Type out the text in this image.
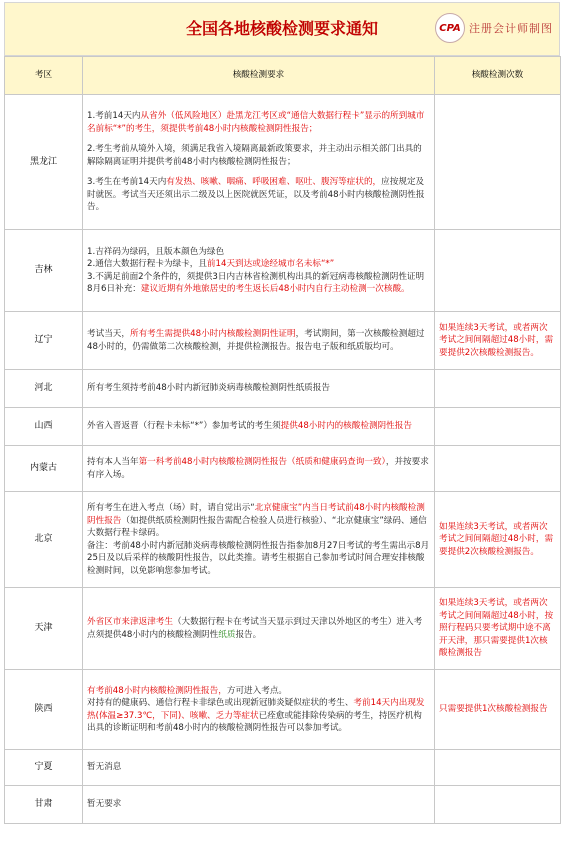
全国各地核酸检测要求通知	CPA 注册会计师制图
考区	核酸检测要求	核酸检测次数
黑龙江	1.考前14天内从省外（低风险地区）赴黑龙江考区或“通信大数据行程卡”显示的所到城市名前标“*”的考生，须提供考前48小时内核酸检测阴性报告；
2.考生考前从境外入境，须满足我省入境隔离最新政策要求，并主动出示相关部门出具的解除隔离证明并提供考前48小时内核酸检测阴性报告；
3.考生在考前14天内有发热、咳嗽、咽痛、呼吸困难、呕吐、腹泻等症状的，应按规定及时就医。考试当天还须出示二级及以上医院就医凭证，以及考前48小时内核酸检测阴性报告。	

吉林	1.吉祥码为绿码，且版本颜色为绿色
2.通信大数据行程卡为绿卡，且前14天到达或途经城市名未标“*”
3.不满足前面2个条件的，须提供3日内吉林省检测机构出具的新冠病毒核酸检测阴性证明
8月6日补充：建议近期有外地旅居史的考生返长后48小时内自行主动检测一次核酸。	

辽宁	考试当天，所有考生需提供48小时内核酸检测阴性证明，考试期间，第一次核酸检测超过48小时的，仍需做第二次核酸检测，并提供检测报告。报告电子版和纸质版均可。	如果连续3天考试，或者两次考试之间间隔超过48小时，需要提供2次核酸检测报告。
河北	所有考生须持考前48小时内新冠肺炎病毒核酸检测阴性纸质报告	
山西	外省入晋返晋（行程卡未标“*”）参加考试的考生须提供48小时内的核酸检测阴性报告	
内蒙古	持有本人当年第一科考前48小时内核酸检测阴性报告（纸质和健康码查询一致），并按要求有序入场。	
北京	所有考生在进入考点（场）时，请自觉出示“北京健康宝”内当日考试前48小时内核酸检测阴性报告（如提供纸质检测阴性报告需配合检验人员进行核验）、“北京健康宝”绿码、通信大数据行程卡绿码。
备注：考前48小时内新冠肺炎病毒核酸检测阴性报告指参加8月27日考试的考生需出示8月25日及以后采样的核酸阴性报告，以此类推。请考生根据自己参加考试时间合理安排核酸检测时间，以免影响您参加考试。	如果连续3天考试，或者两次考试之间间隔超过48小时，需要提供2次核酸检测报告。
天津	外省区市来津返津考生（大数据行程卡在考试当天显示到过天津以外地区的考生）进入考点须提供48小时内的核酸检测阴性纸质报告。	如果连续3天考试，或者两次考试之间间隔超过48小时，按照行程码只要考试期中途不离开天津，那只需要提供1次核酸检测报告
陕西	有考前48小时内核酸检测阴性报告，方可进入考点。
对持有的健康码、通信行程卡非绿色或出现新冠肺炎疑似症状的考生、考前14天内出现发热(体温≥37.3℃，下同)、咳嗽、乏力等症状已痊愈或能排除传染病的考生，持医疗机构出具的诊断证明和考前48小时内的核酸检测阴性报告可以参加考试。	只需要提供1次核酸检测报告
宁夏	暂无消息	
甘肃	暂无要求	
